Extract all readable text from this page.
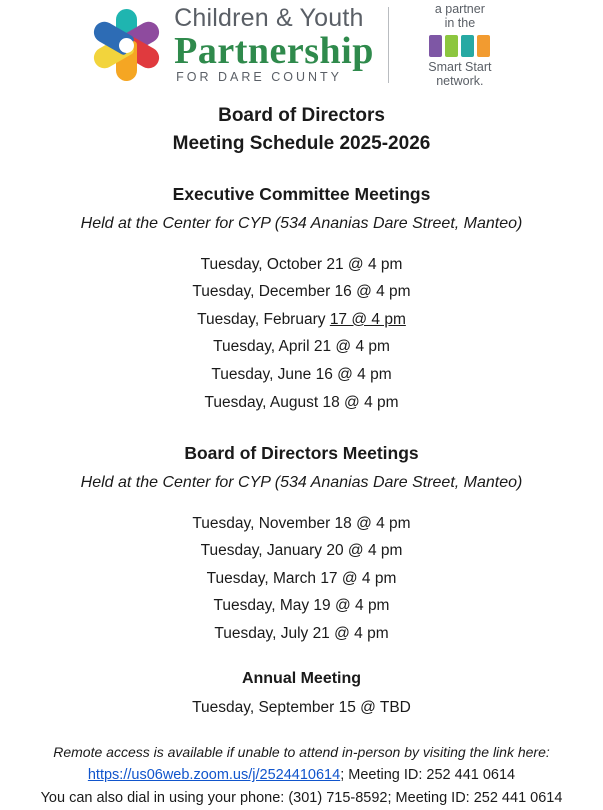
Children & Youth
Partnership
FOR DARE COUNTY
a partner
in the
Smart Start
network.
Board of Directors
Meeting Schedule 2025-2026
Executive Committee Meetings

Held at the Center for CYP (534 Ananias Dare Street, Manteo)

Tuesday, October 21 @ 4 pm
Tuesday, December 16 @ 4 pm
Tuesday, February 17 @ 4 pm
Tuesday, April 21 @ 4 pm
Tuesday, June 16 @ 4 pm
Tuesday, August 18 @ 4 pm
Board of Directors Meetings

Held at the Center for CYP (534 Ananias Dare Street, Manteo)

Tuesday, November 18 @ 4 pm
Tuesday, January 20 @ 4 pm
Tuesday, March 17 @ 4 pm
Tuesday, May 19 @ 4 pm
Tuesday, July 21 @ 4 pm
Annual Meeting

Tuesday, September 15 @ TBD

Remote access is available if unable to attend in-person by visiting the link here:
https://us06web.zoom.us/j/2524410614; Meeting ID: 252 441 0614
You can also dial in using your phone: (301) 715-8592; Meeting ID: 252 441 0614
